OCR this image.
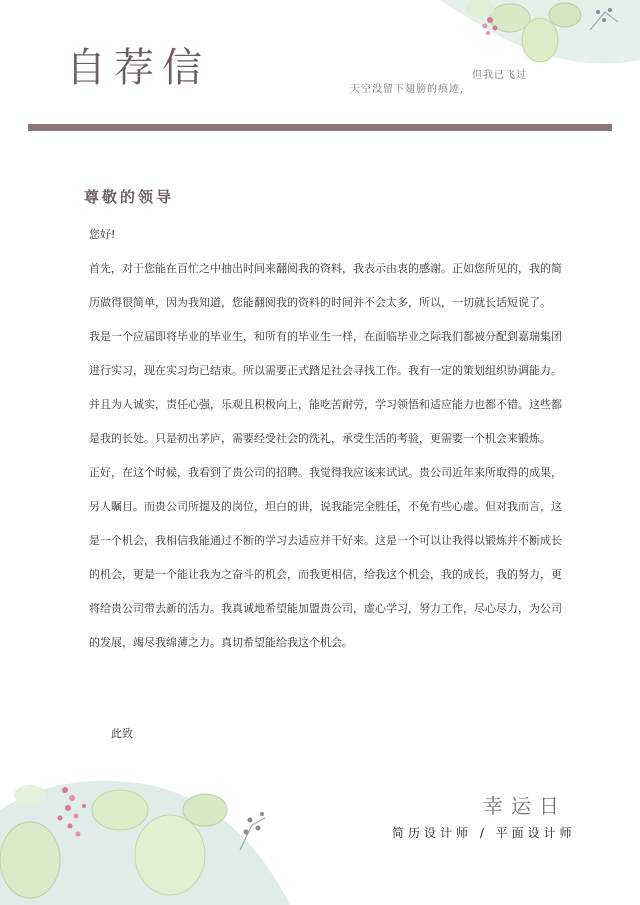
自荐信	但我已飞过
天空没留下翅膀的痕迹,
尊敬的领导

您好!

首先，对于您能在百忙之中抽出时间来翻阅我的资料，我表示由衷的感谢。正如您所见的，我的简历做得很简单，因为我知道，您能翻阅我的资料的时间并不会太多，所以，一切就长话短说了。

我是一个应届即将毕业的毕业生，和所有的毕业生一样，在面临毕业之际我们都被分配到嘉瑞集团进行实习，现在实习均已结束。所以需要正式踏足社会寻找工作。我有一定的策划组织协调能力。并且为人诚实，责任心强，乐观且积极向上，能吃苦耐劳，学习领悟和适应能力也都不错。这些都是我的长处。只是初出茅庐，需要经受社会的洗礼，承受生活的考验，更需要一个机会来锻炼。

正好，在这个时候，我看到了贵公司的招聘。我觉得我应该来试试。贵公司近年来所取得的成果，另人瞩目。而贵公司所提及的岗位，坦白的讲，说我能完全胜任，不免有些心虚。但对我而言，这是一个机会，我相信我能通过不断的学习去适应并干好来。这是一个可以让我得以锻炼并不断成长的机会，更是一个能让我为之奋斗的机会，而我更相信，给我这个机会，我的成长，我的努力，更将给贵公司带去新的活力。我真诚地希望能加盟贵公司，虚心学习，努力工作，尽心尽力，为公司的发展，竭尽我绵薄之力。真切希望能给我这个机会。

此致
幸运日
简历设计师 / 平面设计师
